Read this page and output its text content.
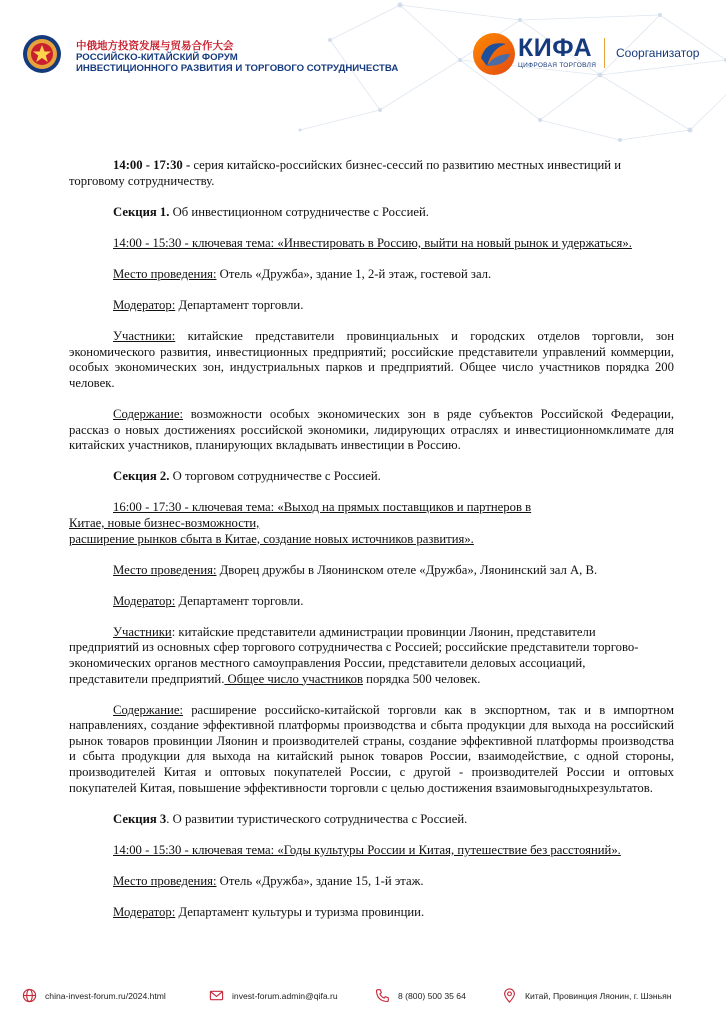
中俄地方投资发展与贸易合作大会
РОССИЙСКО-КИТАЙСКИЙ ФОРУМ
ИНВЕСТИЦИОННОГО РАЗВИТИЯ И ТОРГОВОГО СОТРУДНИЧЕСТВА
КИФА
ЦИФРОВАЯ ТОРГОВЛЯ
Соорганизатор

14:00 - 17:30 - серия китайско-российских бизнес-сессий по развитию местных инвестиций и торговому сотрудничеству.

Секция 1. Об инвестиционном сотрудничестве с Россией.

14:00 - 15:30 - ключевая тема: «Инвестировать в Россию, выйти на новый рынок и удержаться».

Место проведения: Отель «Дружба», здание 1, 2-й этаж, гостевой зал.

Модератор: Департамент торговли.

Участники: китайские представители провинциальных и городских отделов торговли, зон экономического развития, инвестиционных предприятий; российские представители управлений коммерции, особых экономических зон, индустриальных парков и предприятий. Общее число участников порядка 200 человек.

Содержание: возможности особых экономических зон в ряде субъектов Российской Федерации, рассказ о новых достижениях российской экономики, лидирующих отраслях и инвестиционномклимате для китайских участников, планирующих вкладывать инвестиции в Россию.

Секция 2. О торговом сотрудничестве с Россией.

16:00 - 17:30 - ключевая тема: «Выход на прямых поставщиков и партнеров в
Китае, новые бизнес-возможности,

расширение рынков сбыта в Китае, создание новых источников развития».

Место проведения: Дворец дружбы в Ляонинском отеле «Дружба», Ляонинский зал А, В.

Модератор: Департамент торговли.

Участники: китайские представители администрации провинции Ляонин, представители

предприятий из основных сфер торгового сотрудничества с Россией; российские представители торгово-
экономических органов местного самоуправления России, представители деловых ассоциаций,
представители предприятий. Общее число участников порядка 500 человек.

Содержание: расширение российско-китайской торговли как в экспортном, так и в импортном направлениях, создание эффективной платформы производства и сбыта продукции для выхода на российский рынок товаров провинции Ляонин и производителей страны, создание эффективной платформы производства и сбыта продукции для выхода на китайский рынок товаров России, взаимодействие, с одной стороны, производителей Китая и оптовых покупателей России, с другой - производителей России и оптовых покупателей Китая, повышение эффективности торговли с целью достижения взаимовыгодныхрезультатов.

Секция 3. О развитии туристического сотрудничества с Россией.

14:00 - 15:30 - ключевая тема: «Годы культуры России и Китая, путешествие без расстояний».

Место проведения: Отель «Дружба», здание 15, 1-й этаж.

Модератор: Департамент культуры и туризма провинции.

china-invest-forum.ru/2024.html	invest-forum.admin@qifa.ru	8 (800) 500 35 64	Китай, Провинция Ляонин, г. Шэньян
